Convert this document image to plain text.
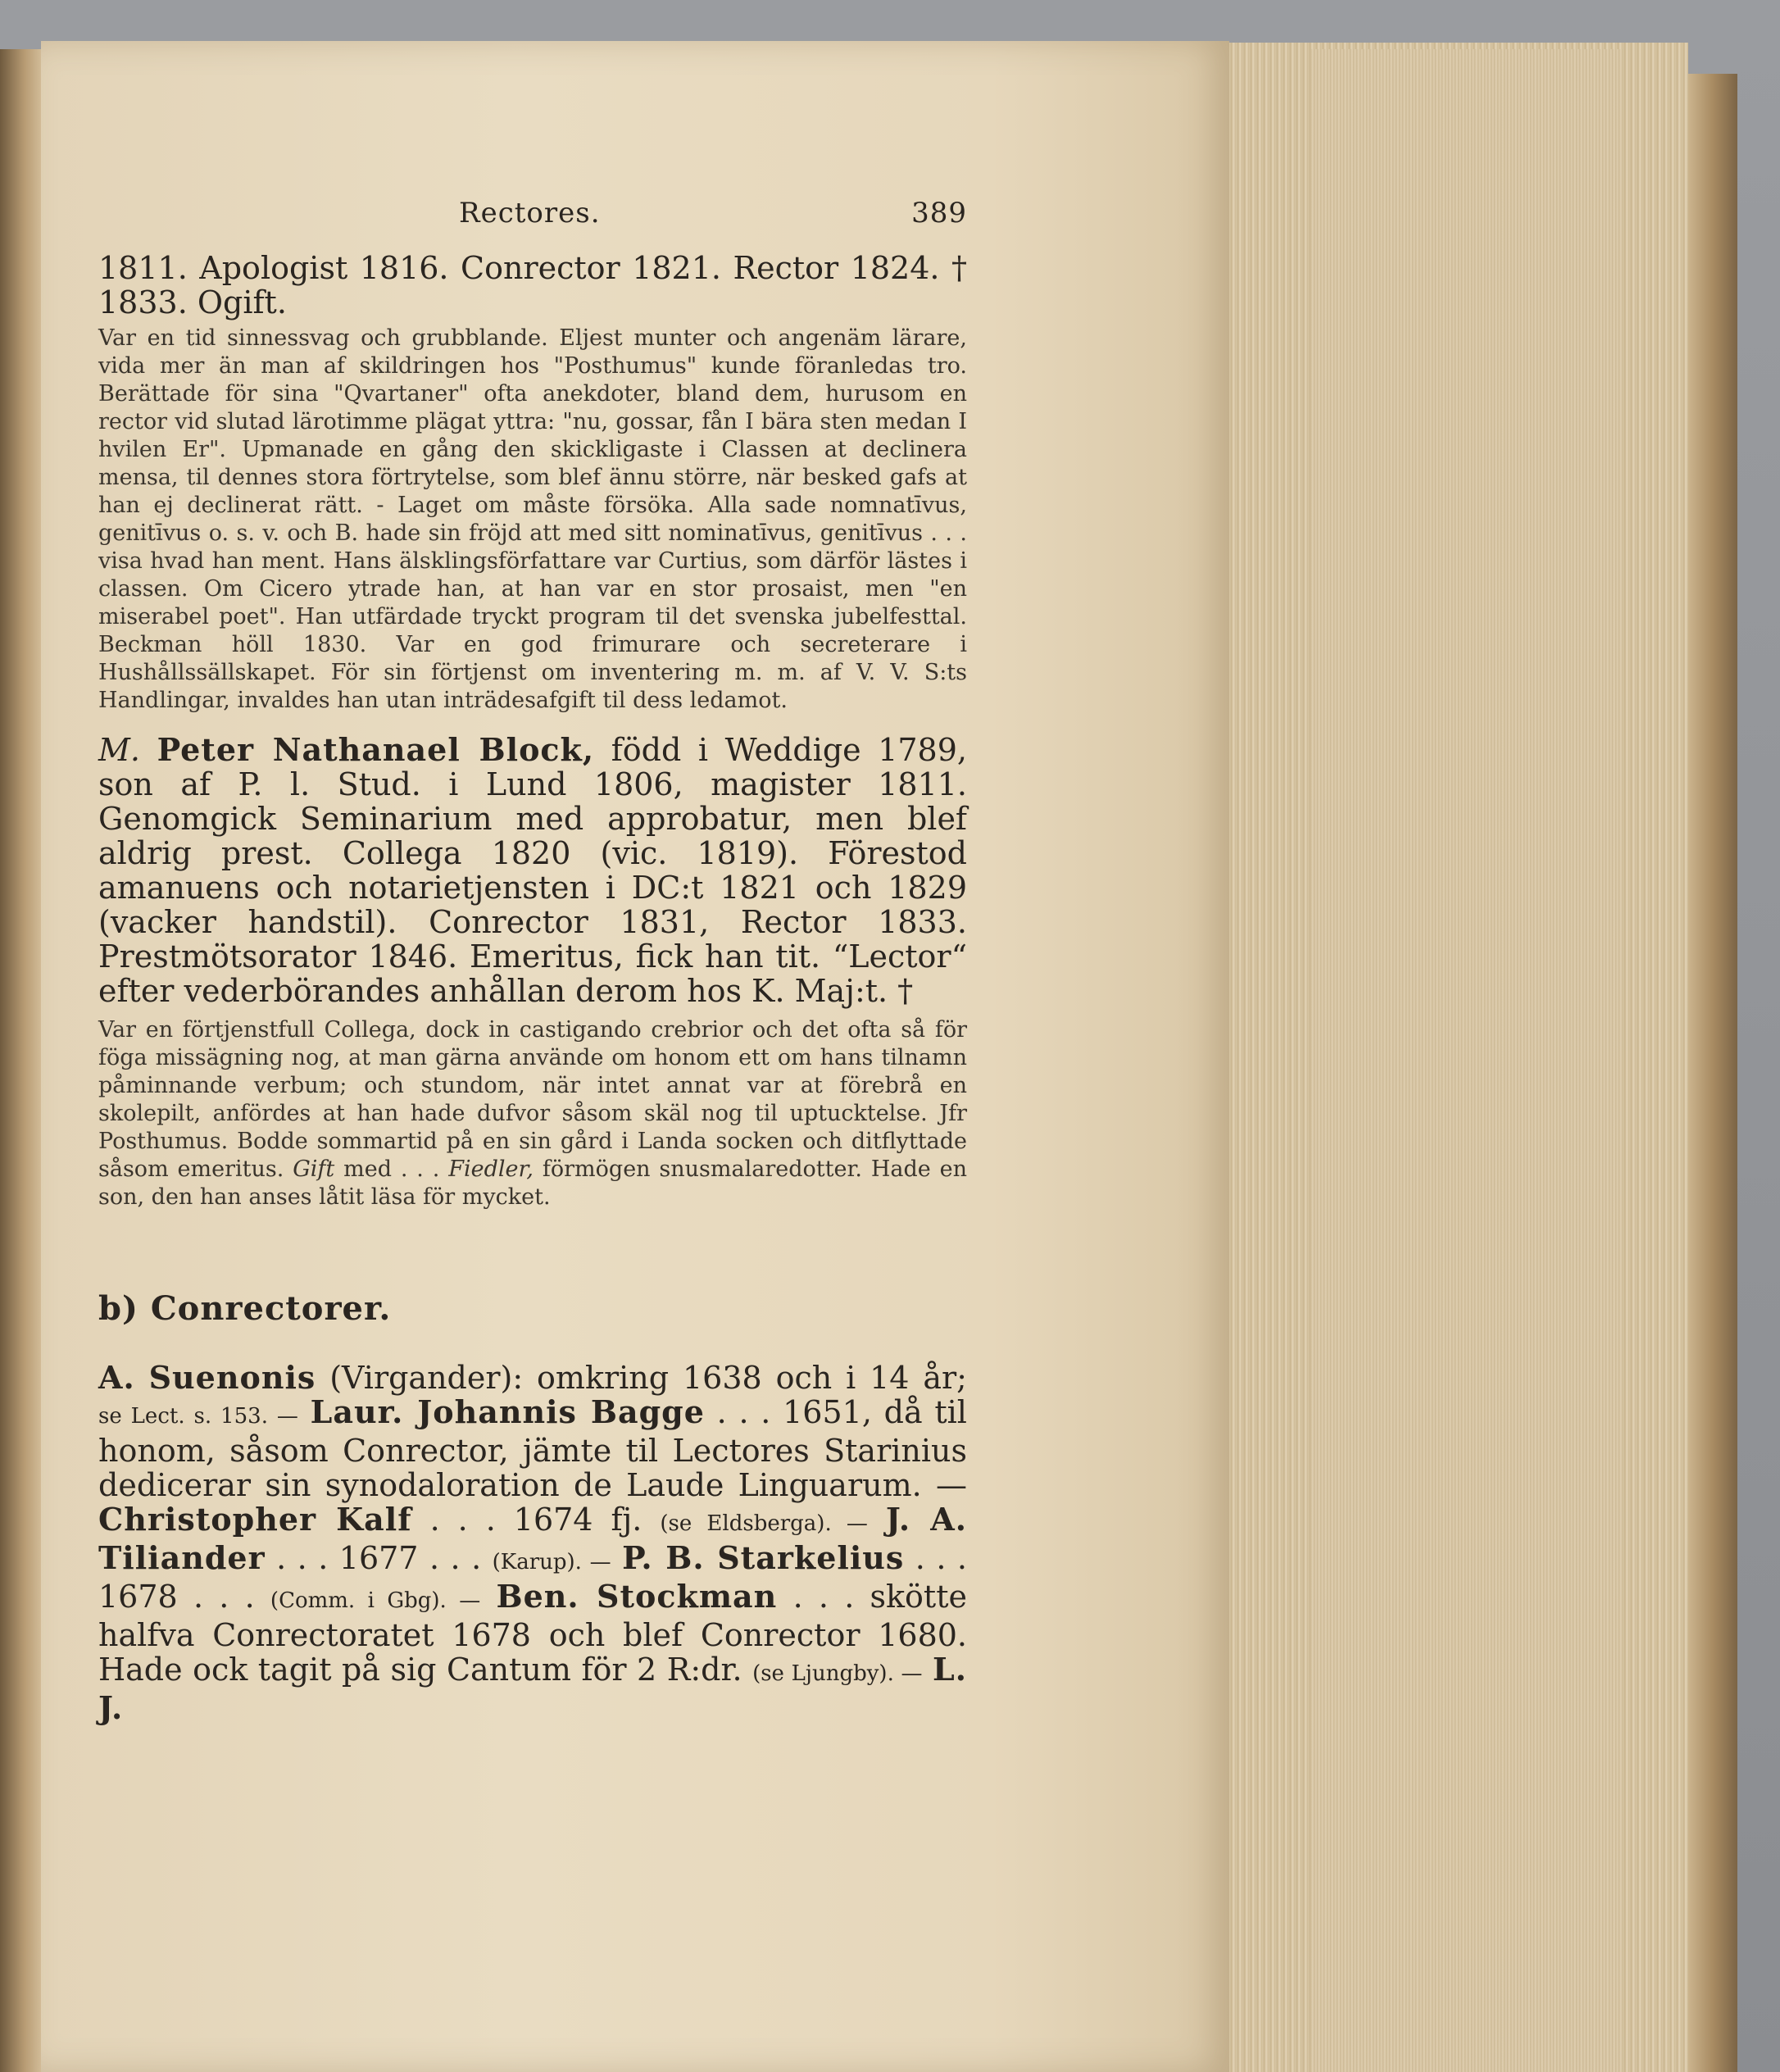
Rectores.	389

1811. Apologist 1816. Conrector 1821. Rector 1824. † 1833. Ogift.

Var en tid sinnessvag och grubblande. Eljest munter och angenäm lärare, vida mer än man af skildringen hos "Posthumus" kunde föranledas tro. Berättade för sina "Qvartaner" ofta anekdoter, bland dem, hurusom en rector vid slutad lärotimme plägat yttra: "nu, gossar, fån I bära sten medan I hvilen Er". Upmanade en gång den skickligaste i Classen at declinera mensa, til dennes stora förtrytelse, som blef ännu större, när besked gafs at han ej declinerat rätt. - Laget om måste försöka. Alla sade nomnatīvus, genitīvus o. s. v. och B. hade sin fröjd att med sitt nominatīvus, genitīvus . . . visa hvad han ment. Hans älsklingsförfattare var Curtius, som därför lästes i classen. Om Cicero ytrade han, at han var en stor prosaist, men "en miserabel poet". Han utfärdade tryckt program til det svenska jubelfesttal. Beckman höll 1830. Var en god frimurare och secreterare i Hushållssällskapet. För sin förtjenst om inventering m. m. af V. V. S:ts Handlingar, invaldes han utan inträdesafgift til dess ledamot.

M. Peter Nathanael Block, född i Weddige 1789, son af P. l. Stud. i Lund 1806, magister 1811. Genomgick Seminarium med approbatur, men blef aldrig prest. Collega 1820 (vic. 1819). Förestod amanuens och notarietjensten i DC:t 1821 och 1829 (vacker handstil). Conrector 1831, Rector 1833. Prestmötsorator 1846. Emeritus, fick han tit. “Lector“ efter vederbörandes anhållan derom hos K. Maj:t. †

Var en förtjenstfull Collega, dock in castigando crebrior och det ofta så för föga missägning nog, at man gärna använde om honom ett om hans tilnamn påminnande verbum; och stundom, när intet annat var at förebrå en skolepilt, anfördes at han hade dufvor såsom skäl nog til uptucktelse. Jfr Posthumus. Bodde sommartid på en sin gård i Landa socken och ditflyttade såsom emeritus. Gift med . . . Fiedler, förmögen snusmalaredotter. Hade en son, den han anses låtit läsa för mycket.

b) Conrectorer.

A. Suenonis (Virgander): omkring 1638 och i 14 år; se Lect. s. 153. — Laur. Johannis Bagge . . . 1651, då til honom, såsom Conrector, jämte til Lectores Starinius dedicerar sin synodaloration de Laude Linguarum. — Christopher Kalf . . . 1674 fj. (se Eldsberga). — J. A. Tiliander . . . 1677 . . . (Karup). — P. B. Starkelius . . . 1678 . . . (Comm. i Gbg). — Ben. Stockman . . . skötte halfva Conrectoratet 1678 och blef Conrector 1680. Hade ock tagit på sig Cantum för 2 R:dr. (se Ljungby). — L. J.
